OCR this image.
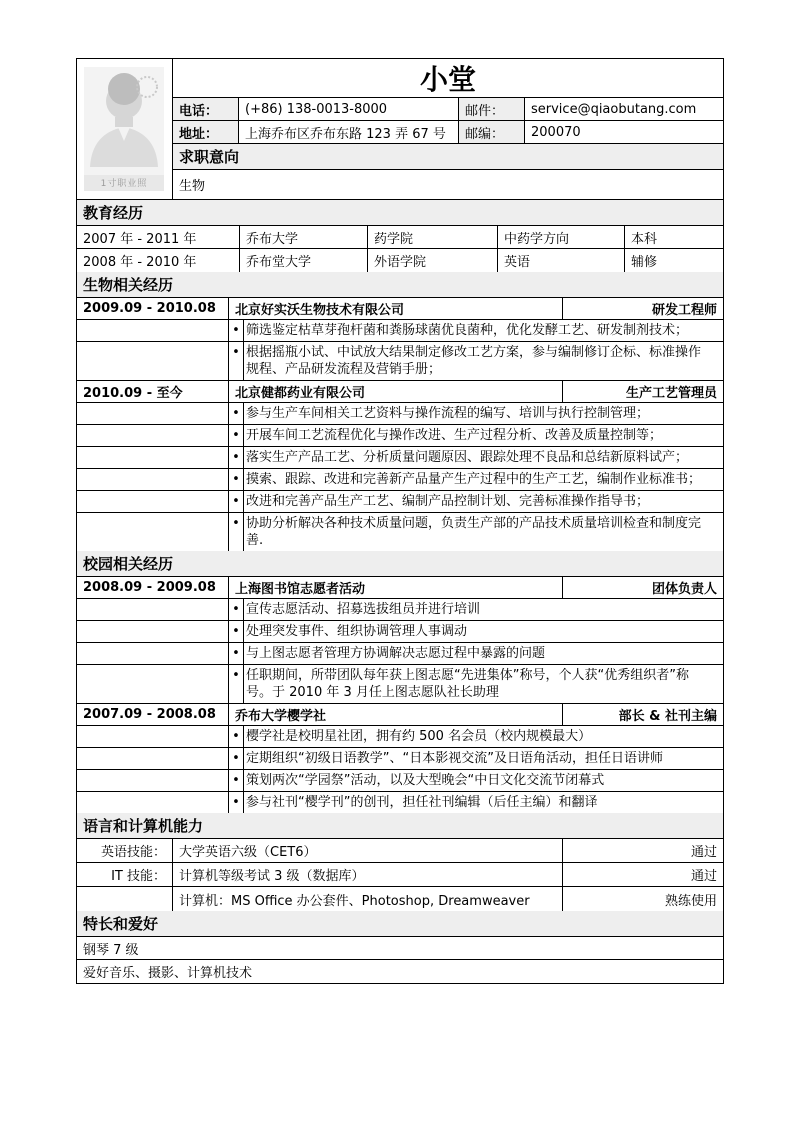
1寸职业照
小堂
电话：	(+86) 138-0013-8000	邮件：	service@qiaobutang.com
地址：	上海乔布区乔布东路 123 弄 67 号	邮编：	200070
求职意向
生物
教育经历
2007 年 - 2011 年	乔布大学	药学院	中药学方向	本科
2008 年 - 2010 年	乔布堂大学	外语学院	英语	辅修
生物相关经历
2009.09 - 2010.08	北京好实沃生物技术有限公司	研发工程师
• 筛选鉴定枯草芽孢杆菌和粪肠球菌优良菌种，优化发酵工艺、研发制剂技术；
• 根据摇瓶小试、中试放大结果制定修改工艺方案，参与编制修订企标、标准操作规程、产品研发流程及营销手册；
2010.09 - 至今	北京健都药业有限公司	生产工艺管理员
• 参与生产车间相关工艺资料与操作流程的编写、培训与执行控制管理；
• 开展车间工艺流程优化与操作改进、生产过程分析、改善及质量控制等；
• 落实生产产品工艺、分析质量问题原因、跟踪处理不良品和总结新原料试产；
• 摸索、跟踪、改进和完善新产品量产生产过程中的生产工艺，编制作业标准书；
• 改进和完善产品生产工艺、编制产品控制计划、完善标准操作指导书；
• 协助分析解决各种技术质量问题，负责生产部的产品技术质量培训检查和制度完善.
校园相关经历
2008.09 - 2009.08	上海图书馆志愿者活动	团体负责人
• 宣传志愿活动、招募选拔组员并进行培训
• 处理突发事件、组织协调管理人事调动
• 与上图志愿者管理方协调解决志愿过程中暴露的问题
• 任职期间，所带团队每年获上图志愿“先进集体”称号，个人获“优秀组织者”称号。于 2010 年 3 月任上图志愿队社长助理
2007.09 - 2008.08	乔布大学樱学社	部长 & 社刊主编
• 樱学社是校明星社团，拥有约 500 名会员（校内规模最大）
• 定期组织“初级日语教学”、“日本影视交流”及日语角活动，担任日语讲师
• 策划两次“学园祭”活动，以及大型晚会“中日文化交流节闭幕式
• 参与社刊“樱学刊”的创刊，担任社刊编辑（后任主编）和翻译
语言和计算机能力
英语技能：	大学英语六级（CET6）	通过
IT 技能：	计算机等级考试 3 级（数据库）	通过
计算机：MS Office 办公套件、Photoshop, Dreamweaver	熟练使用
特长和爱好
钢琴 7 级
爱好音乐、摄影、计算机技术
